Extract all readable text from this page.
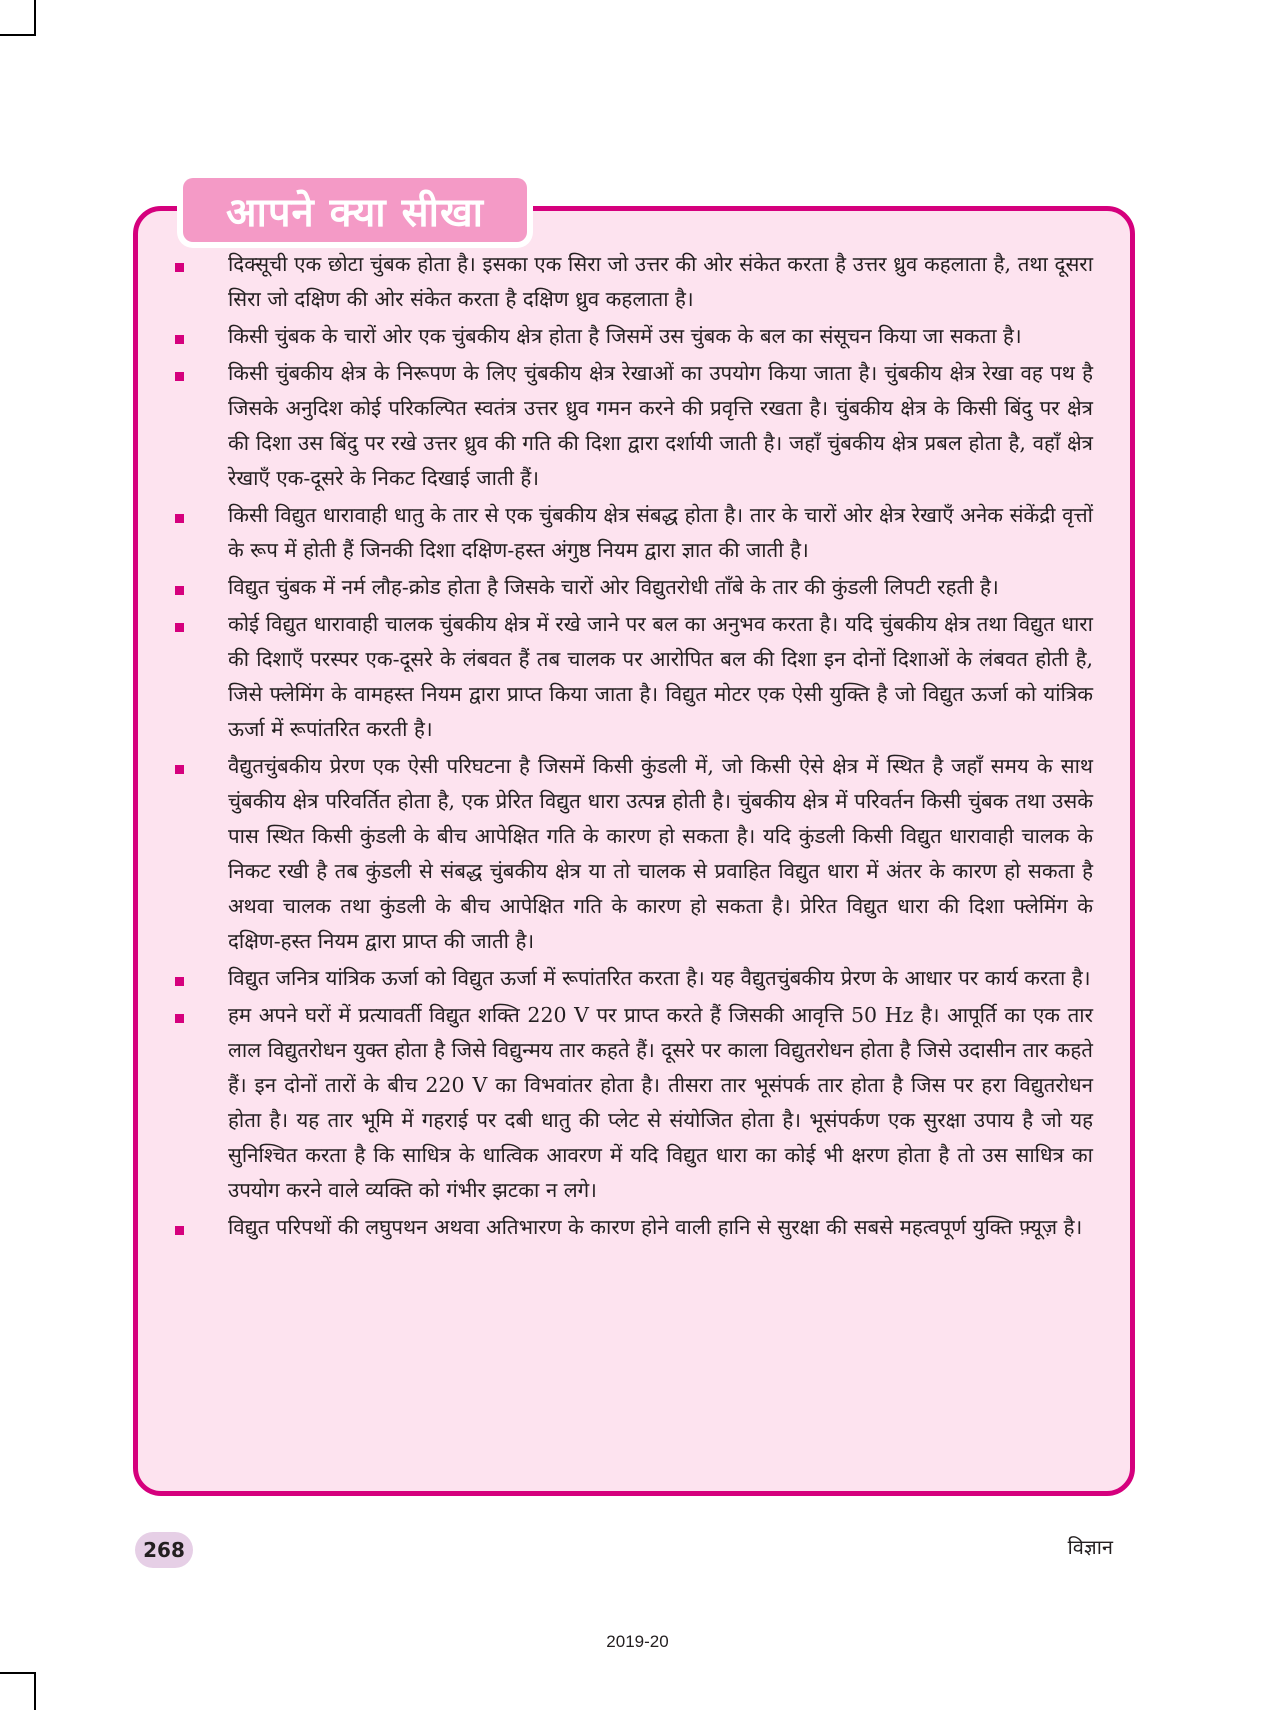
आपने क्या सीखा
दिक्सूची एक छोटा चुंबक होता है। इसका एक सिरा जो उत्तर की ओर संकेत करता है उत्तर ध्रुव कहलाता है, तथा दूसरा सिरा जो दक्षिण की ओर संकेत करता है दक्षिण ध्रुव कहलाता है।
किसी चुंबक के चारों ओर एक चुंबकीय क्षेत्र होता है जिसमें उस चुंबक के बल का संसूचन किया जा सकता है।
किसी चुंबकीय क्षेत्र के निरूपण के लिए चुंबकीय क्षेत्र रेखाओं का उपयोग किया जाता है। चुंबकीय क्षेत्र रेखा वह पथ है जिसके अनुदिश कोई परिकल्पित स्वतंत्र उत्तर ध्रुव गमन करने की प्रवृत्ति रखता है। चुंबकीय क्षेत्र के किसी बिंदु पर क्षेत्र की दिशा उस बिंदु पर रखे उत्तर ध्रुव की गति की दिशा द्वारा दर्शायी जाती है। जहाँ चुंबकीय क्षेत्र प्रबल होता है, वहाँ क्षेत्र रेखाएँ एक-दूसरे के निकट दिखाई जाती हैं।
किसी विद्युत धारावाही धातु के तार से एक चुंबकीय क्षेत्र संबद्ध होता है। तार के चारों ओर क्षेत्र रेखाएँ अनेक संकेंद्री वृत्तों के रूप में होती हैं जिनकी दिशा दक्षिण-हस्त अंगुष्ठ नियम द्वारा ज्ञात की जाती है।
विद्युत चुंबक में नर्म लौह-क्रोड होता है जिसके चारों ओर विद्युतरोधी ताँबे के तार की कुंडली लिपटी रहती है।
कोई विद्युत धारावाही चालक चुंबकीय क्षेत्र में रखे जाने पर बल का अनुभव करता है। यदि चुंबकीय क्षेत्र तथा विद्युत धारा की दिशाएँ परस्पर एक-दूसरे के लंबवत हैं तब चालक पर आरोपित बल की दिशा इन दोनों दिशाओं के लंबवत होती है, जिसे फ्लेमिंग के वामहस्त नियम द्वारा प्राप्त किया जाता है। विद्युत मोटर एक ऐसी युक्ति है जो विद्युत ऊर्जा को यांत्रिक ऊर्जा में रूपांतरित करती है।
वैद्युतचुंबकीय प्रेरण एक ऐसी परिघटना है जिसमें किसी कुंडली में, जो किसी ऐसे क्षेत्र में स्थित है जहाँ समय के साथ चुंबकीय क्षेत्र परिवर्तित होता है, एक प्रेरित विद्युत धारा उत्पन्न होती है। चुंबकीय क्षेत्र में परिवर्तन किसी चुंबक तथा उसके पास स्थित किसी कुंडली के बीच आपेक्षित गति के कारण हो सकता है। यदि कुंडली किसी विद्युत धारावाही चालक के निकट रखी है तब कुंडली से संबद्ध चुंबकीय क्षेत्र या तो चालक से प्रवाहित विद्युत धारा में अंतर के कारण हो सकता है अथवा चालक तथा कुंडली के बीच आपेक्षित गति के कारण हो सकता है। प्रेरित विद्युत धारा की दिशा फ्लेमिंग के दक्षिण-हस्त नियम द्वारा प्राप्त की जाती है।
विद्युत जनित्र यांत्रिक ऊर्जा को विद्युत ऊर्जा में रूपांतरित करता है। यह वैद्युतचुंबकीय प्रेरण के आधार पर कार्य करता है।
हम अपने घरों में प्रत्यावर्ती विद्युत शक्ति 220 V पर प्राप्त करते हैं जिसकी आवृत्ति 50 Hz है। आपूर्ति का एक तार लाल विद्युतरोधन युक्त होता है जिसे विद्युन्मय तार कहते हैं। दूसरे पर काला विद्युतरोधन होता है जिसे उदासीन तार कहते हैं। इन दोनों तारों के बीच 220 V का विभवांतर होता है। तीसरा तार भूसंपर्क तार होता है जिस पर हरा विद्युतरोधन होता है। यह तार भूमि में गहराई पर दबी धातु की प्लेट से संयोजित होता है। भूसंपर्कण एक सुरक्षा उपाय है जो यह सुनिश्चित करता है कि साधित्र के धात्विक आवरण में यदि विद्युत धारा का कोई भी क्षरण होता है तो उस साधित्र का उपयोग करने वाले व्यक्ति को गंभीर झटका न लगे।
विद्युत परिपथों की लघुपथन अथवा अतिभारण के कारण होने वाली हानि से सुरक्षा की सबसे महत्वपूर्ण युक्ति फ़्यूज़ है।
268	विज्ञान
2019-20
